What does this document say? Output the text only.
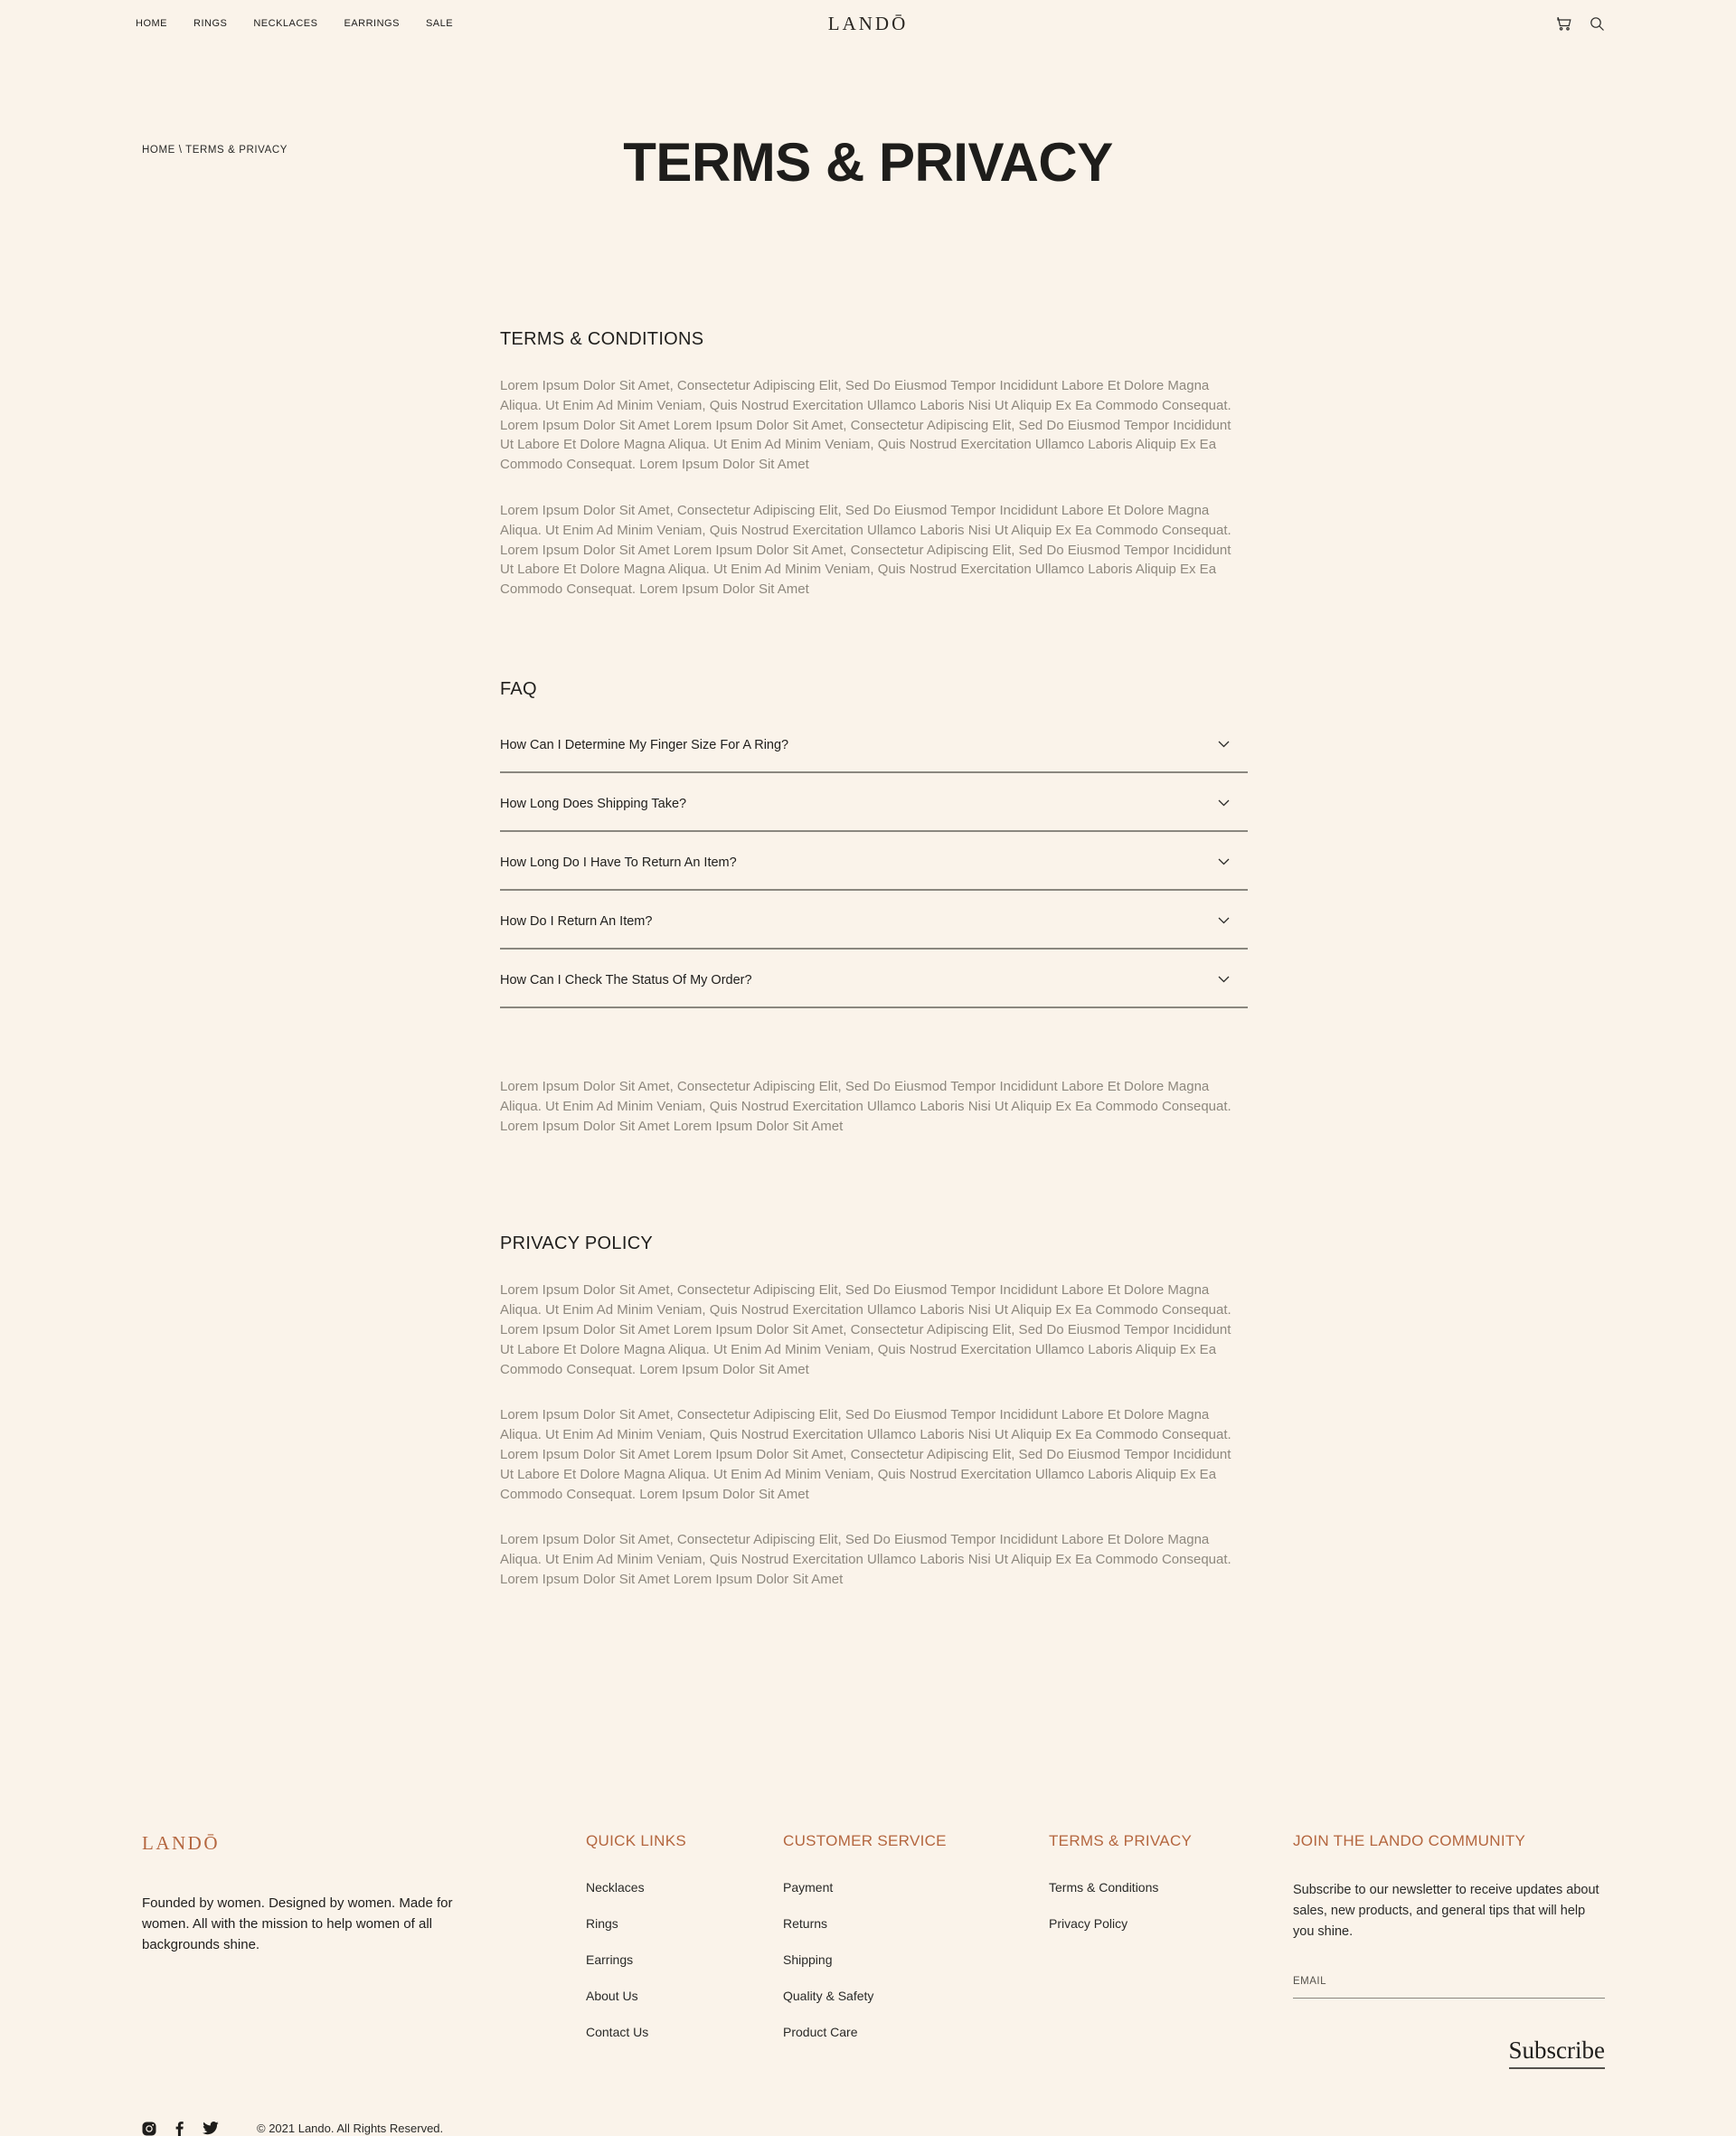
HOME	RINGS	NECKLACES	EARRINGS	SALE	LANDŌ
HOME \ TERMS & PRIVACY	TERMS & PRIVACY
TERMS & CONDITIONS

Lorem Ipsum Dolor Sit Amet, Consectetur Adipiscing Elit, Sed Do Eiusmod Tempor Incididunt Labore Et Dolore Magna Aliqua. Ut Enim Ad Minim Veniam, Quis Nostrud Exercitation Ullamco Laboris Nisi Ut Aliquip Ex Ea Commodo Consequat. Lorem Ipsum Dolor Sit Amet Lorem Ipsum Dolor Sit Amet, Consectetur Adipiscing Elit, Sed Do Eiusmod Tempor Incididunt Ut Labore Et Dolore Magna Aliqua. Ut Enim Ad Minim Veniam, Quis Nostrud Exercitation Ullamco Laboris Aliquip Ex Ea Commodo Consequat. Lorem Ipsum Dolor Sit Amet

Lorem Ipsum Dolor Sit Amet, Consectetur Adipiscing Elit, Sed Do Eiusmod Tempor Incididunt Labore Et Dolore Magna Aliqua. Ut Enim Ad Minim Veniam, Quis Nostrud Exercitation Ullamco Laboris Nisi Ut Aliquip Ex Ea Commodo Consequat. Lorem Ipsum Dolor Sit Amet Lorem Ipsum Dolor Sit Amet, Consectetur Adipiscing Elit, Sed Do Eiusmod Tempor Incididunt Ut Labore Et Dolore Magna Aliqua. Ut Enim Ad Minim Veniam, Quis Nostrud Exercitation Ullamco Laboris Aliquip Ex Ea Commodo Consequat. Lorem Ipsum Dolor Sit Amet

FAQ
How Can I Determine My Finger Size For A Ring?
How Long Does Shipping Take?
How Long Do I Have To Return An Item?
How Do I Return An Item?
How Can I Check The Status Of My Order?

Lorem Ipsum Dolor Sit Amet, Consectetur Adipiscing Elit, Sed Do Eiusmod Tempor Incididunt Labore Et Dolore Magna Aliqua. Ut Enim Ad Minim Veniam, Quis Nostrud Exercitation Ullamco Laboris Nisi Ut Aliquip Ex Ea Commodo Consequat. Lorem Ipsum Dolor Sit Amet Lorem Ipsum Dolor Sit Amet

PRIVACY POLICY

Lorem Ipsum Dolor Sit Amet, Consectetur Adipiscing Elit, Sed Do Eiusmod Tempor Incididunt Labore Et Dolore Magna Aliqua. Ut Enim Ad Minim Veniam, Quis Nostrud Exercitation Ullamco Laboris Nisi Ut Aliquip Ex Ea Commodo Consequat. Lorem Ipsum Dolor Sit Amet Lorem Ipsum Dolor Sit Amet, Consectetur Adipiscing Elit, Sed Do Eiusmod Tempor Incididunt Ut Labore Et Dolore Magna Aliqua. Ut Enim Ad Minim Veniam, Quis Nostrud Exercitation Ullamco Laboris Aliquip Ex Ea Commodo Consequat. Lorem Ipsum Dolor Sit Amet

Lorem Ipsum Dolor Sit Amet, Consectetur Adipiscing Elit, Sed Do Eiusmod Tempor Incididunt Labore Et Dolore Magna Aliqua. Ut Enim Ad Minim Veniam, Quis Nostrud Exercitation Ullamco Laboris Nisi Ut Aliquip Ex Ea Commodo Consequat. Lorem Ipsum Dolor Sit Amet Lorem Ipsum Dolor Sit Amet, Consectetur Adipiscing Elit, Sed Do Eiusmod Tempor Incididunt Ut Labore Et Dolore Magna Aliqua. Ut Enim Ad Minim Veniam, Quis Nostrud Exercitation Ullamco Laboris Aliquip Ex Ea Commodo Consequat. Lorem Ipsum Dolor Sit Amet

Lorem Ipsum Dolor Sit Amet, Consectetur Adipiscing Elit, Sed Do Eiusmod Tempor Incididunt Labore Et Dolore Magna Aliqua. Ut Enim Ad Minim Veniam, Quis Nostrud Exercitation Ullamco Laboris Nisi Ut Aliquip Ex Ea Commodo Consequat. Lorem Ipsum Dolor Sit Amet Lorem Ipsum Dolor Sit Amet

LANDŌ

Founded by women. Designed by women. Made for women. All with the mission to help women of all backgrounds shine.

QUICK LINKS
Necklaces
Rings
Earrings
About Us
Contact Us
CUSTOMER SERVICE
Payment
Returns
Shipping
Quality & Safety
Product Care
TERMS & PRIVACY
Terms & Conditions
Privacy Policy
JOIN THE LANDO COMMUNITY

Subscribe to our newsletter to receive updates about sales, new products, and general tips that will help you shine.

EMAIL
Subscribe
© 2021 Lando. All Rights Reserved.
